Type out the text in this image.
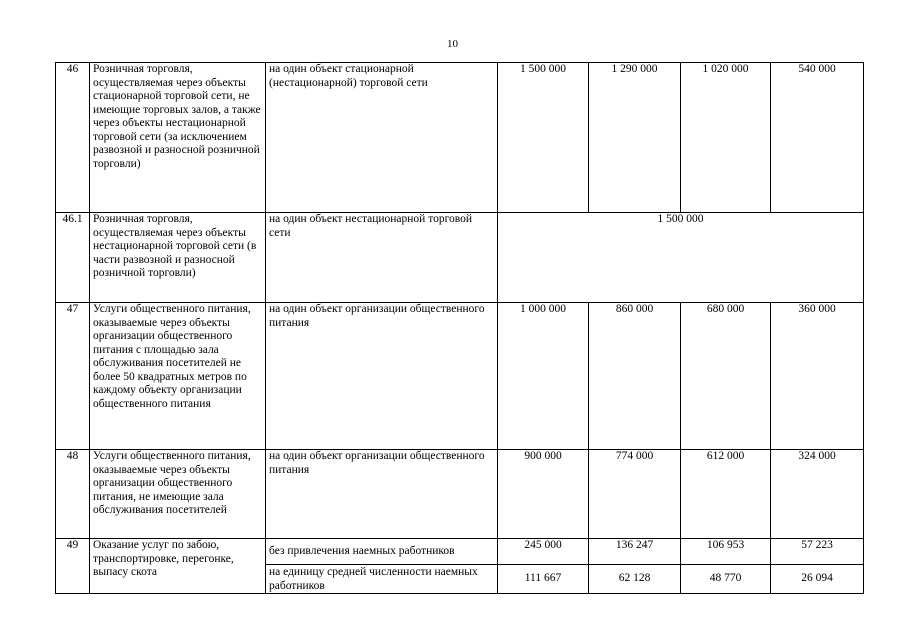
10
46	Розничная торговля, осуществляемая через объекты стационарной торговой сети, не имеющие торговых залов, а также через объекты нестационарной торговой сети (за исключением развозной и разносной розничной торговли)	на один объект стационарной (нестационарной) торговой сети	1 500 000	1 290 000	1 020 000	540 000
46.1	Розничная торговля, осуществляемая через объекты нестационарной торговой сети (в части развозной и разносной розничной торговли)	на один объект нестационарной торговой сети	1 500 000			
47	Услуги общественного питания, оказываемые через объекты организации общественного питания с площадью зала обслуживания посетителей не более 50 квадратных метров по каждому объекту организации общественного питания	на один объект организации общественного питания	1 000 000	860 000	680 000	360 000
48	Услуги общественного питания, оказываемые через объекты организации общественного питания, не имеющие зала обслуживания посетителей	на один объект организации общественного питания	900 000	774 000	612 000	324 000
49	Оказание услуг по забою, транспортировке, перегонке, выпасу скота	без привлечения наемных работников	245 000	136 247	106 953	57 223
		на единицу средней численности наемных работников	111 667	62 128	48 770	26 094
